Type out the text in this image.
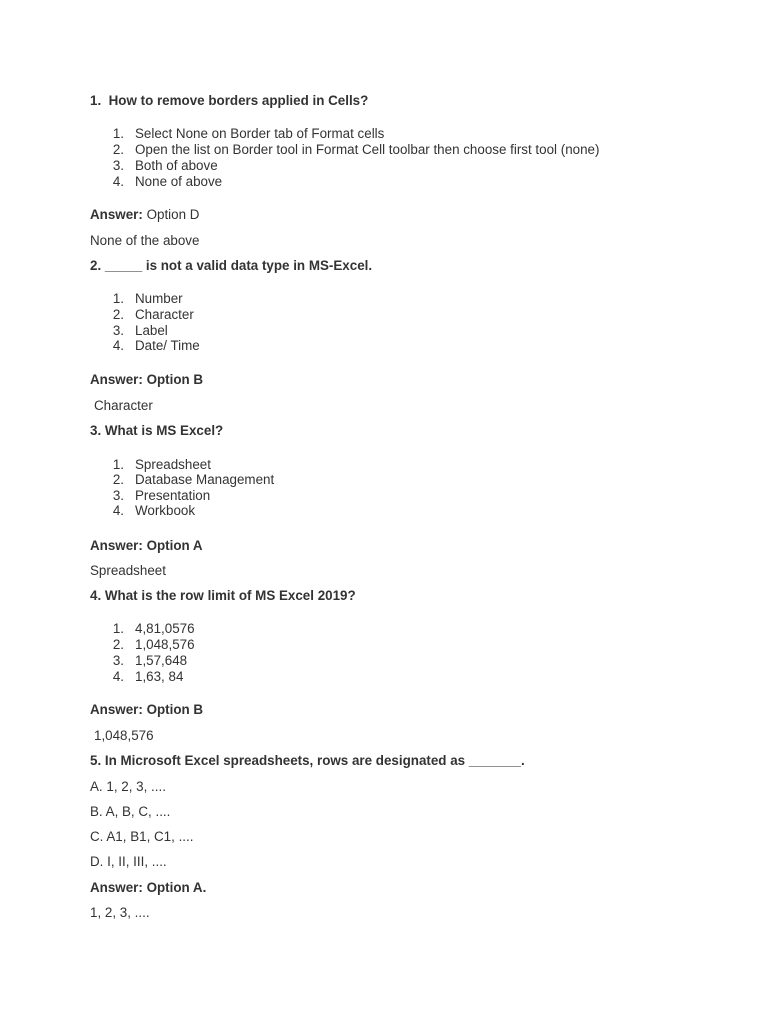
1. How to remove borders applied in Cells?
1. Select None on Border tab of Format cells
2. Open the list on Border tool in Format Cell toolbar then choose first tool (none)
3. Both of above
4. None of above
Answer: Option D
None of the above
2. _____ is not a valid data type in MS-Excel.
1. Number
2. Character
3. Label
4. Date/ Time
Answer: Option B
Character
3. What is MS Excel?
1. Spreadsheet
2. Database Management
3. Presentation
4. Workbook
Answer: Option A
Spreadsheet
4. What is the row limit of MS Excel 2019?
1. 4,81,0576
2. 1,048,576
3. 1,57,648
4. 1,63, 84
Answer: Option B
1,048,576
5. In Microsoft Excel spreadsheets, rows are designated as _______.
A. 1, 2, 3, ....
B. A, B, C, ....
C. A1, B1, C1, ....
D. I, II, III, ....
Answer: Option A.
1, 2, 3, ....
